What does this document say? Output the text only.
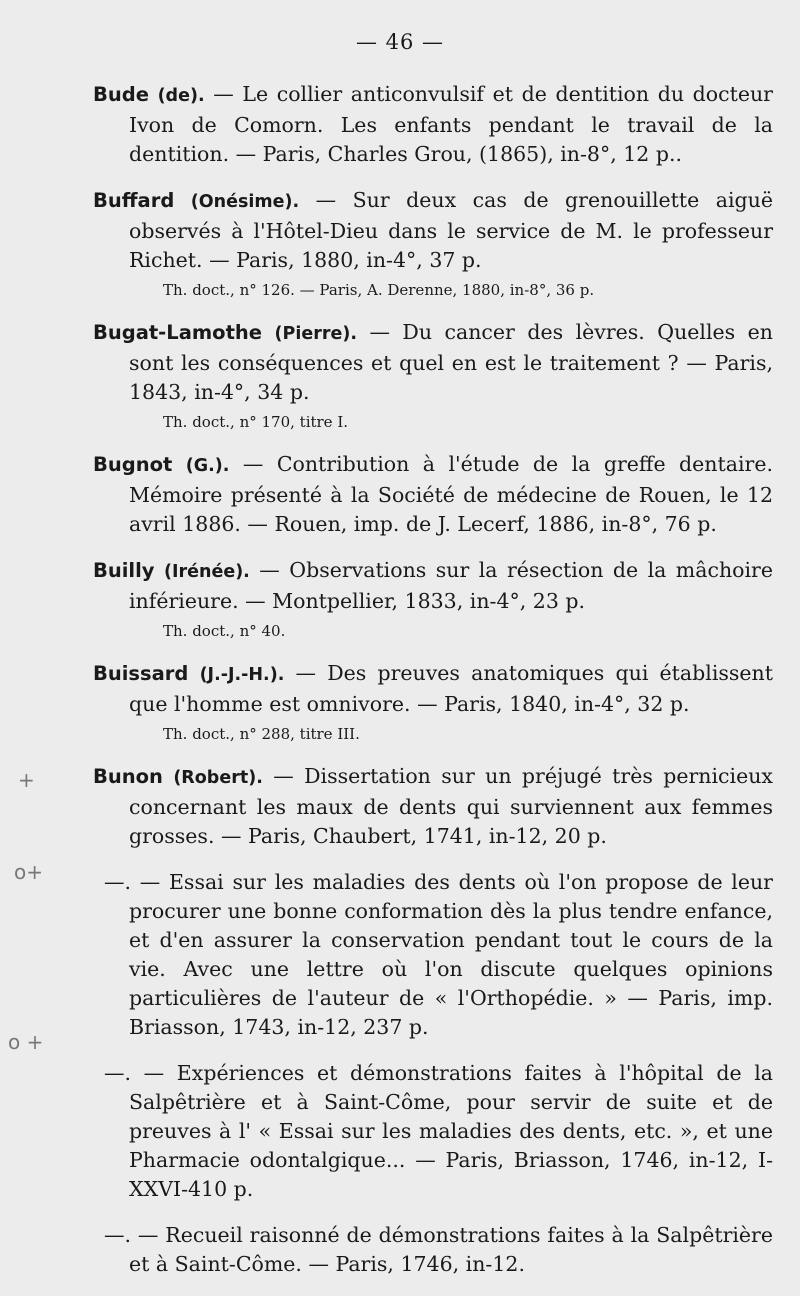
— 46 —
+
o+
o +
Bude (de). — Le collier anticonvulsif et de dentition du docteur Ivon de Comorn. Les enfants pendant le travail de la dentition. — Paris, Charles Grou, (1865), in-8°, 12 p..
Buffard (Onésime). — Sur deux cas de grenouillette aiguë observés à l'Hôtel-Dieu dans le service de M. le professeur Richet. — Paris, 1880, in-4°, 37 p.
Th. doct., n° 126. — Paris, A. Derenne, 1880, in-8°, 36 p.
Bugat-Lamothe (Pierre). — Du cancer des lèvres. Quelles en sont les conséquences et quel en est le traitement ? — Paris, 1843, in-4°, 34 p.
Th. doct., n° 170, titre I.
Bugnot (G.). — Contribution à l'étude de la greffe dentaire. Mémoire présenté à la Société de médecine de Rouen, le 12 avril 1886. — Rouen, imp. de J. Lecerf, 1886, in-8°, 76 p.
Builly (Irénée). — Observations sur la résection de la mâchoire inférieure. — Montpellier, 1833, in-4°, 23 p.
Th. doct., n° 40.
Buissard (J.-J.-H.). — Des preuves anatomiques qui établissent que l'homme est omnivore. — Paris, 1840, in-4°, 32 p.
Th. doct., n° 288, titre III.
Bunon (Robert). — Dissertation sur un préjugé très pernicieux concernant les maux de dents qui surviennent aux femmes grosses. — Paris, Chaubert, 1741, in-12, 20 p.
—. — Essai sur les maladies des dents où l'on propose de leur procurer une bonne conformation dès la plus tendre enfance, et d'en assurer la conservation pendant tout le cours de la vie. Avec une lettre où l'on discute quelques opinions particulières de l'auteur de « l'Orthopédie. » — Paris, imp. Briasson, 1743, in-12, 237 p.
—. — Expériences et démonstrations faites à l'hôpital de la Salpêtrière et à Saint-Côme, pour servir de suite et de preuves à l' « Essai sur les maladies des dents, etc. », et une Pharmacie odontalgique... — Paris, Briasson, 1746, in-12, I-XXVI-410 p.
—. — Recueil raisonné de démonstrations faites à la Salpêtrière et à Saint-Côme. — Paris, 1746, in-12.
